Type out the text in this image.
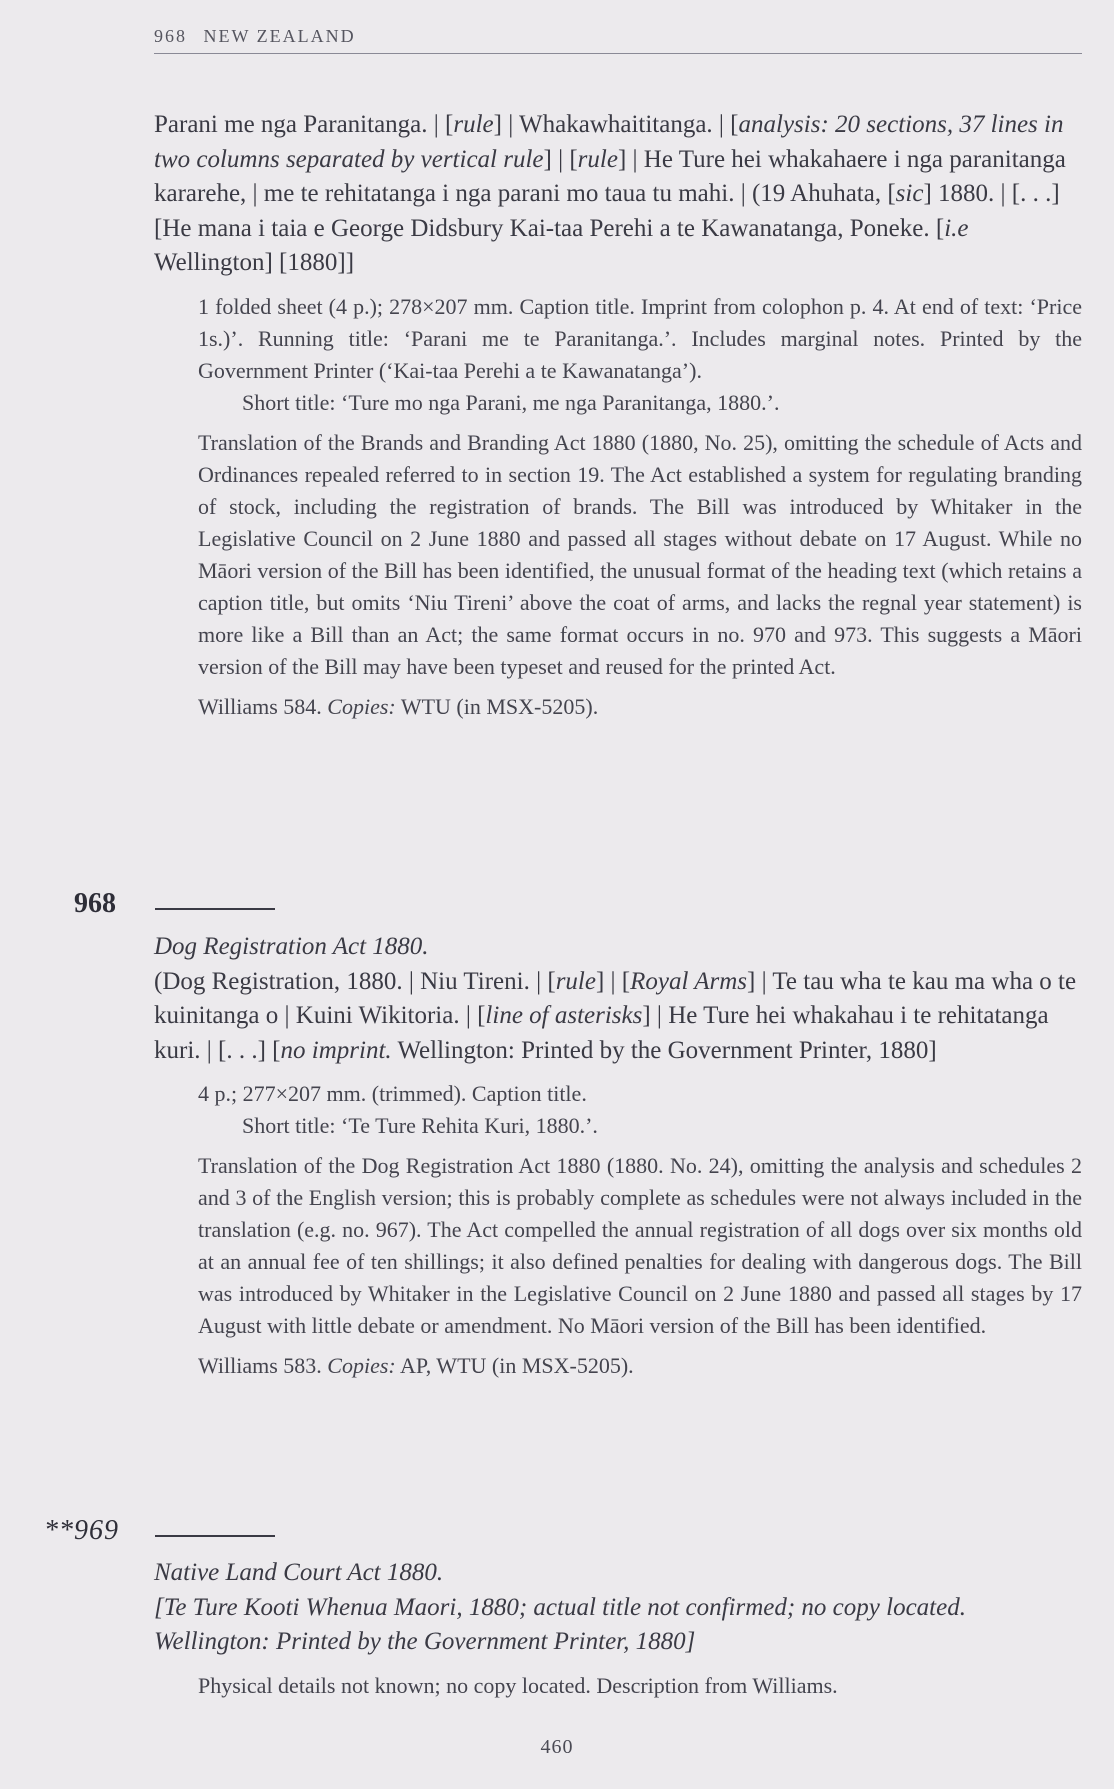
968 NEW ZEALAND
Parani me nga Paranitanga. | [rule] | Whakawhaititanga. | [analysis: 20 sections, 37 lines in two columns separated by vertical rule] | [rule] | He Ture hei whakahaere i nga paranitanga kararehe, | me te rehitatanga i nga parani mo taua tu mahi. | (19 Ahuhata, [sic] 1880. | [. . .] [He mana i taia e George Didsbury Kai-taa Perehi a te Kawanatanga, Poneke. [i.e Wellington] [1880]]

1 folded sheet (4 p.); 278×207 mm. Caption title. Imprint from colophon p. 4. At end of text: ‘Price 1s.)’. Running title: ‘Parani me te Paranitanga.’. Includes marginal notes. Printed by the Government Printer (‘Kai-taa Perehi a te Kawanatanga’).

Short title: ‘Ture mo nga Parani, me nga Paranitanga, 1880.’.

Translation of the Brands and Branding Act 1880 (1880, No. 25), omitting the schedule of Acts and Ordinances repealed referred to in section 19. The Act established a system for regulating branding of stock, including the registration of brands. The Bill was introduced by Whitaker in the Legislative Council on 2 June 1880 and passed all stages without debate on 17 August. While no Māori version of the Bill has been identified, the unusual format of the heading text (which retains a caption title, but omits ‘Niu Tireni’ above the coat of arms, and lacks the regnal year statement) is more like a Bill than an Act; the same format occurs in no. 970 and 973. This suggests a Māori version of the Bill may have been typeset and reused for the printed Act.

Williams 584. Copies: WTU (in MSX-5205).

968
Dog Registration Act 1880.
(Dog Registration, 1880. | Niu Tireni. | [rule] | [Royal Arms] | Te tau wha te kau ma wha o te kuinitanga o | Kuini Wikitoria. | [line of asterisks] | He Ture hei whakahau i te rehitatanga kuri. | [. . .] [no imprint. Wellington: Printed by the Government Printer, 1880]

4 p.; 277×207 mm. (trimmed). Caption title.

Short title: ‘Te Ture Rehita Kuri, 1880.’.

Translation of the Dog Registration Act 1880 (1880. No. 24), omitting the analysis and schedules 2 and 3 of the English version; this is probably complete as schedules were not always included in the translation (e.g. no. 967). The Act compelled the annual registration of all dogs over six months old at an annual fee of ten shillings; it also defined penalties for dealing with dangerous dogs. The Bill was introduced by Whitaker in the Legislative Council on 2 June 1880 and passed all stages by 17 August with little debate or amendment. No Māori version of the Bill has been identified.

Williams 583. Copies: AP, WTU (in MSX-5205).

**969
Native Land Court Act 1880.
[Te Ture Kooti Whenua Maori, 1880; actual title not confirmed; no copy located. Wellington: Printed by the Government Printer, 1880]

Physical details not known; no copy located. Description from Williams.

460
